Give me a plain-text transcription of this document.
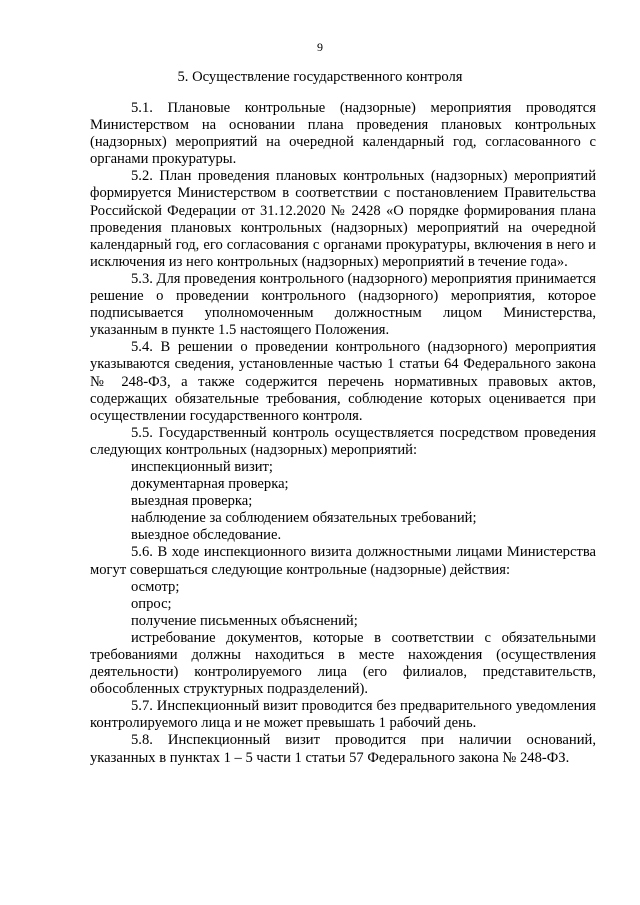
9
5. Осуществление государственного контроля

5.1. Плановые контрольные (надзорные) мероприятия проводятся Министерством на основании плана проведения плановых контрольных (надзорных) мероприятий на очередной календарный год, согласованного с органами прокуратуры.

5.2. План проведения плановых контрольных (надзорных) мероприятий формируется Министерством в соответствии с постановлением Правительства Российской Федерации от 31.12.2020 № 2428 «О порядке формирования плана проведения плановых контрольных (надзорных) мероприятий на очередной календарный год, его согласования с органами прокуратуры, включения в него и исключения из него контрольных (надзорных) мероприятий в течение года».

5.3. Для проведения контрольного (надзорного) мероприятия принимается решение о проведении контрольного (надзорного) мероприятия, которое подписывается уполномоченным должностным лицом Министерства, указанным в пункте 1.5 настоящего Положения.

5.4. В решении о проведении контрольного (надзорного) мероприятия указываются сведения, установленные частью 1 статьи 64 Федерального закона № 248-ФЗ, а также содержится перечень нормативных правовых актов, содержащих обязательные требования, соблюдение которых оценивается при осуществлении государственного контроля.

5.5. Государственный контроль осуществляется посредством проведения следующих контрольных (надзорных) мероприятий:

инспекционный визит;

документарная проверка;

выездная проверка;

наблюдение за соблюдением обязательных требований;

выездное обследование.

5.6. В ходе инспекционного визита должностными лицами Министерства могут совершаться следующие контрольные (надзорные) действия:

осмотр;

опрос;

получение письменных объяснений;

истребование документов, которые в соответствии с обязательными требованиями должны находиться в месте нахождения (осуществления деятельности) контролируемого лица (его филиалов, представительств, обособленных структурных подразделений).

5.7. Инспекционный визит проводится без предварительного уведомления контролируемого лица и не может превышать 1 рабочий день.

5.8. Инспекционный визит проводится при наличии оснований, указанных в пунктах 1 – 5 части 1 статьи 57 Федерального закона № 248-ФЗ.
